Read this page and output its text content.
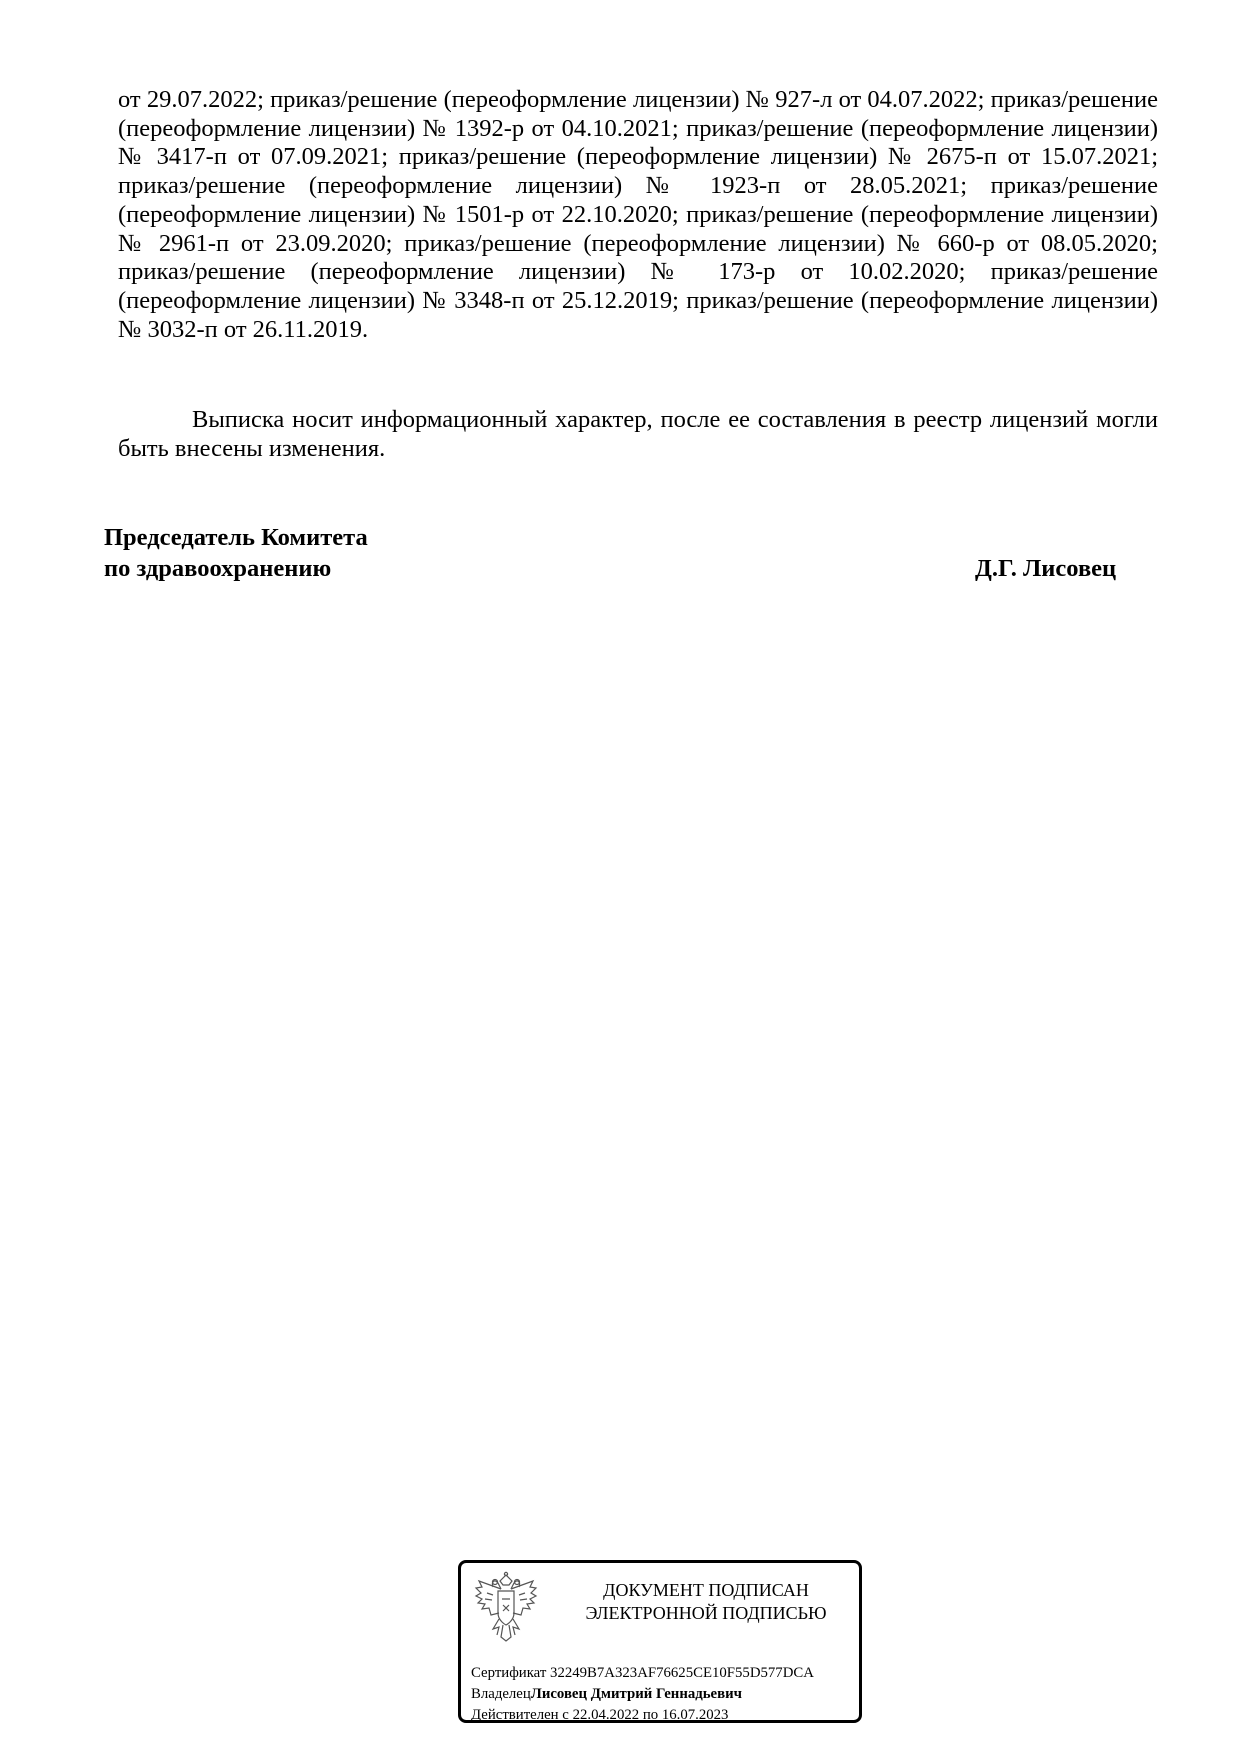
от 29.07.2022; приказ/решение (переоформление лицензии) № 927-л от 04.07.2022; приказ/решение (переоформление лицензии) № 1392-р от 04.10.2021; приказ/решение (переоформление лицензии) № 3417-п от 07.09.2021; приказ/решение (переоформление лицензии) № 2675-п от 15.07.2021; приказ/решение (переоформление лицензии) № 1923-п от 28.05.2021; приказ/решение (переоформление лицензии) № 1501-р от 22.10.2020; приказ/решение (переоформление лицензии) № 2961-п от 23.09.2020; приказ/решение (переоформление лицензии) № 660-р от 08.05.2020; приказ/решение (переоформление лицензии) № 173-р от 10.02.2020; приказ/решение (переоформление лицензии) № 3348-п от 25.12.2019; приказ/решение (переоформление лицензии) № 3032-п от 26.11.2019.
Выписка носит информационный характер, после ее составления в реестр лицензий могли быть внесены изменения.
Председатель Комитета
по здравоохранению	Д.Г. Лисовец
ДОКУМЕНТ ПОДПИСАН
ЭЛЕКТРОННОЙ ПОДПИСЬЮ
Сертификат 32249B7A323AF76625CE10F55D577DCA
ВладелецЛисовец Дмитрий Геннадьевич
Действителен с 22.04.2022 по 16.07.2023
